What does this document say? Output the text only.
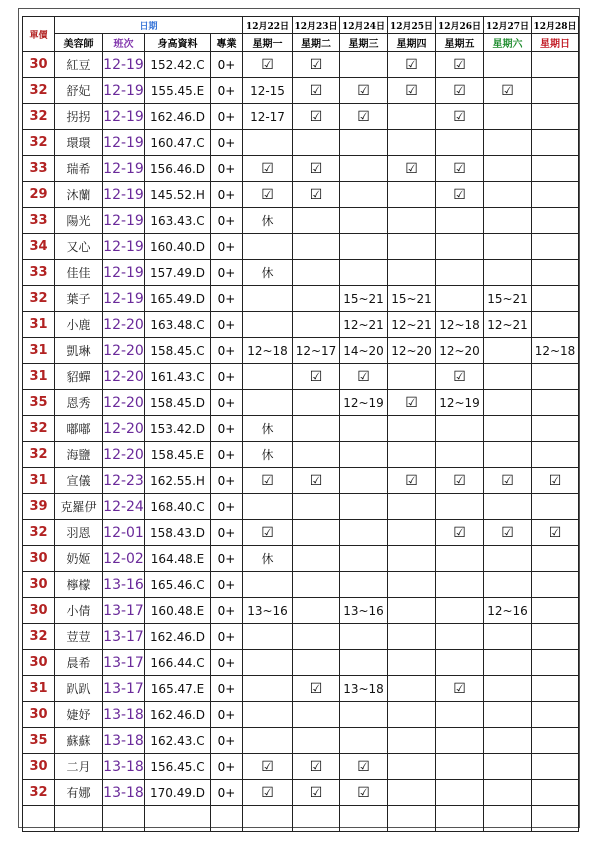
單價	日期				12月22日	12月23日	12月24日	12月25日	12月26日	12月27日	12月28日
	美容師	班次	身高資料	專業	星期一	星期二	星期三	星期四	星期五	星期六	星期日
30	紅豆	12-19	152.42.C	0+	☑	☑		☑	☑		
32	舒妃	12-19	155.45.E	0+	12-15	☑	☑	☑	☑	☑	
32	拐拐	12-19	162.46.D	0+	12-17	☑	☑		☑		
32	環環	12-19	160.47.C	0+							
33	瑞希	12-19	156.46.D	0+	☑	☑		☑	☑		
29	沐蘭	12-19	145.52.H	0+	☑	☑			☑		
33	陽光	12-19	163.43.C	0+	休						
34	又心	12-19	160.40.D	0+							
33	佳佳	12-19	157.49.D	0+	休						
32	葉子	12-19	165.49.D	0+			15~21	15~21		15~21	
31	小鹿	12-20	163.48.C	0+			12~21	12~21	12~18	12~21	
31	凱琳	12-20	158.45.C	0+	12~18	12~17	14~20	12~20	12~20		12~18
31	貂蟬	12-20	161.43.C	0+		☑	☑		☑		
35	恩秀	12-20	158.45.D	0+			12~19	☑	12~19		
32	嘟嘟	12-20	153.42.D	0+	休						
32	海鹽	12-20	158.45.E	0+	休						
31	宣儀	12-23	162.55.H	0+	☑	☑		☑	☑	☑	☑
39	克羅伊	12-24	168.40.C	0+							
32	羽恩	12-01	158.43.D	0+	☑				☑	☑	☑
30	奶姬	12-02	164.48.E	0+	休						
30	檸檬	13-16	165.46.C	0+							
30	小倩	13-17	160.48.E	0+	13~16		13~16			12~16	
32	荳荳	13-17	162.46.D	0+							
30	晨希	13-17	166.44.C	0+							
31	趴趴	13-17	165.47.E	0+		☑	13~18		☑		
30	婕妤	13-18	162.46.D	0+							
35	蘇蘇	13-18	162.43.C	0+							
30	二月	13-18	156.45.C	0+	☑	☑	☑				
32	有娜	13-18	170.49.D	0+	☑	☑	☑				
